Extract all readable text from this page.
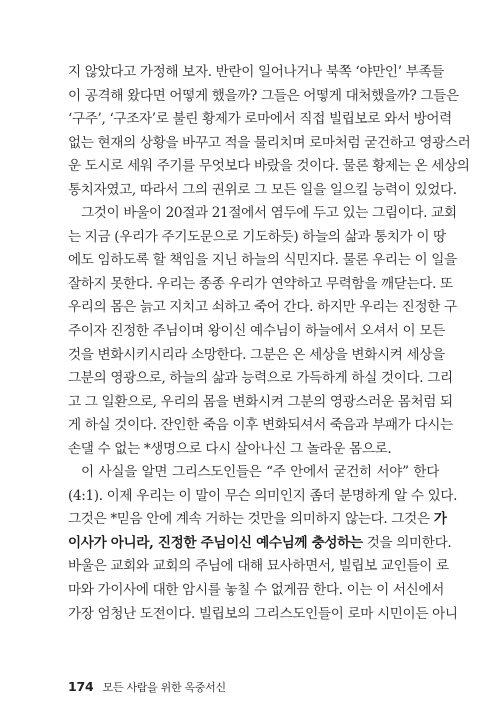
지 않았다고 가정해 보자. 반란이 일어나거나 북쪽 ‘야만인’ 부족들
이 공격해 왔다면 어떻게 했을까? 그들은 어떻게 대처했을까? 그들은
‘구주’, ‘구조자’로 불린 황제가 로마에서 직접 빌립보로 와서 방어력
없는 현재의 상황을 바꾸고 적을 물리치며 로마처럼 굳건하고 영광스러
운 도시로 세워 주기를 무엇보다 바랐을 것이다. 물론 황제는 온 세상의
통치자였고, 따라서 그의 권위로 그 모든 일을 일으킬 능력이 있었다.
그것이 바울이 20절과 21절에서 염두에 두고 있는 그림이다. 교회
는 지금 (우리가 주기도문으로 기도하듯) 하늘의 삶과 통치가 이 땅
에도 임하도록 할 책임을 지닌 하늘의 식민지다. 물론 우리는 이 일을
잘하지 못한다. 우리는 종종 우리가 연약하고 무력함을 깨닫는다. 또
우리의 몸은 늙고 지치고 쇠하고 죽어 간다. 하지만 우리는 진정한 구
주이자 진정한 주님이며 왕이신 예수님이 하늘에서 오셔서 이 모든
것을 변화시키시리라 소망한다. 그분은 온 세상을 변화시켜 세상을
그분의 영광으로, 하늘의 삶과 능력으로 가득하게 하실 것이다. 그리
고 그 일환으로, 우리의 몸을 변화시켜 그분의 영광스러운 몸처럼 되
게 하실 것이다. 잔인한 죽음 이후 변화되셔서 죽음과 부패가 다시는
손댈 수 없는 *생명으로 다시 살아나신 그 놀라운 몸으로.
이 사실을 알면 그리스도인들은 “주 안에서 굳건히 서야” 한다
(4:1). 이제 우리는 이 말이 무슨 의미인지 좀더 분명하게 알 수 있다.
그것은 *믿음 안에 계속 거하는 것만을 의미하지 않는다. 그것은 가
이사가 아니라, 진정한 주님이신 예수님께 충성하는 것을 의미한다.
바울은 교회와 교회의 주님에 대해 묘사하면서, 빌립보 교인들이 로
마와 가이사에 대한 암시를 놓칠 수 없게끔 한다. 이는 이 서신에서
가장 엄청난 도전이다. 빌립보의 그리스도인들이 로마 시민이든 아니
174 모든 사람을 위한 옥중서신
